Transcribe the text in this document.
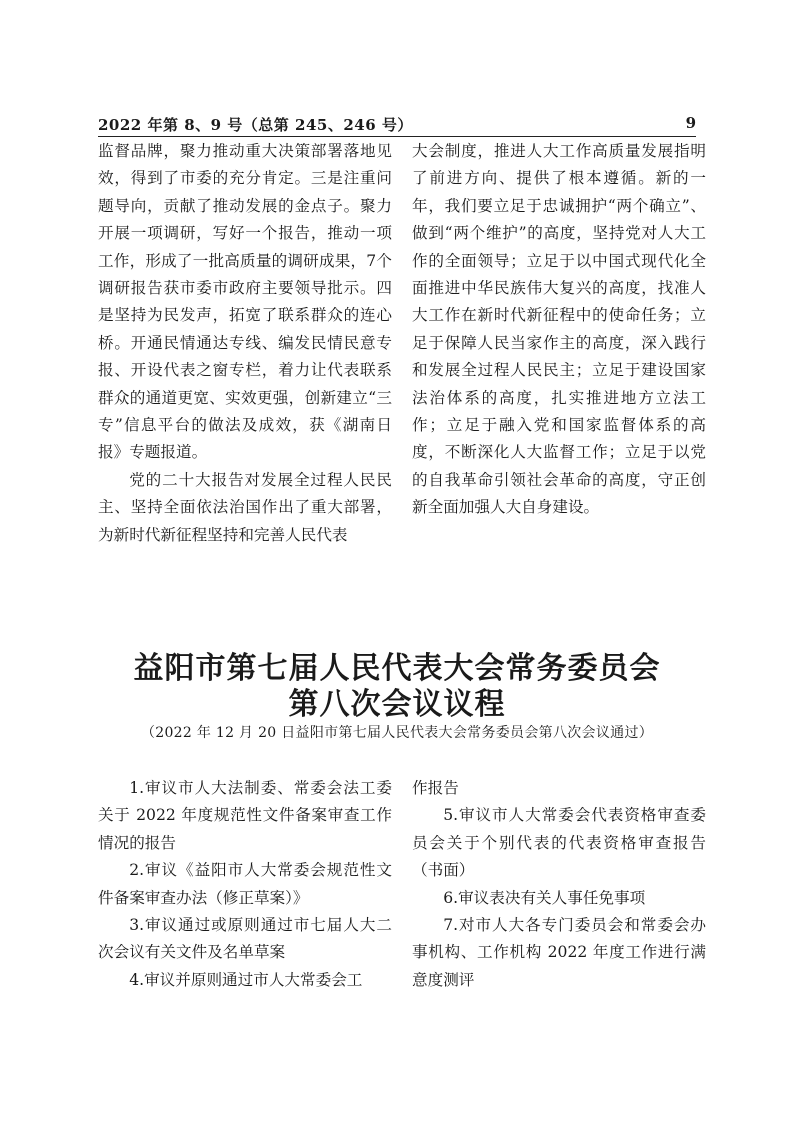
2022 年第 8、9 号（总第 245、246 号）	9

监督品牌，聚力推动重大决策部署落地见效，得到了市委的充分肯定。三是注重问题导向，贡献了推动发展的金点子。聚力开展一项调研，写好一个报告，推动一项工作，形成了一批高质量的调研成果，7个调研报告获市委市政府主要领导批示。四是坚持为民发声，拓宽了联系群众的连心桥。开通民情通达专线、编发民情民意专报、开设代表之窗专栏，着力让代表联系群众的通道更宽、实效更强，创新建立“三专”信息平台的做法及成效，获《湖南日报》专题报道。

党的二十大报告对发展全过程人民民主、坚持全面依法治国作出了重大部署，为新时代新征程坚持和完善人民代表

大会制度，推进人大工作高质量发展指明了前进方向、提供了根本遵循。新的一年，我们要立足于忠诚拥护“两个确立”、做到“两个维护”的高度，坚持党对人大工作的全面领导；立足于以中国式现代化全面推进中华民族伟大复兴的高度，找准人大工作在新时代新征程中的使命任务；立足于保障人民当家作主的高度，深入践行和发展全过程人民民主；立足于建设国家法治体系的高度，扎实推进地方立法工作；立足于融入党和国家监督体系的高度，不断深化人大监督工作；立足于以党的自我革命引领社会革命的高度，守正创新全面加强人大自身建设。

益阳市第七届人民代表大会常务委员会
第八次会议议程
（2022 年 12 月 20 日益阳市第七届人民代表大会常务委员会第八次会议通过）

1.审议市人大法制委、常委会法工委关于 2022 年度规范性文件备案审查工作情况的报告

2.审议《益阳市人大常委会规范性文件备案审查办法（修正草案）》

3.审议通过或原则通过市七届人大二次会议有关文件及名单草案

4.审议并原则通过市人大常委会工

作报告

5.审议市人大常委会代表资格审查委员会关于个别代表的代表资格审查报告（书面）

6.审议表决有关人事任免事项

7.对市人大各专门委员会和常委会办事机构、工作机构 2022 年度工作进行满意度测评
